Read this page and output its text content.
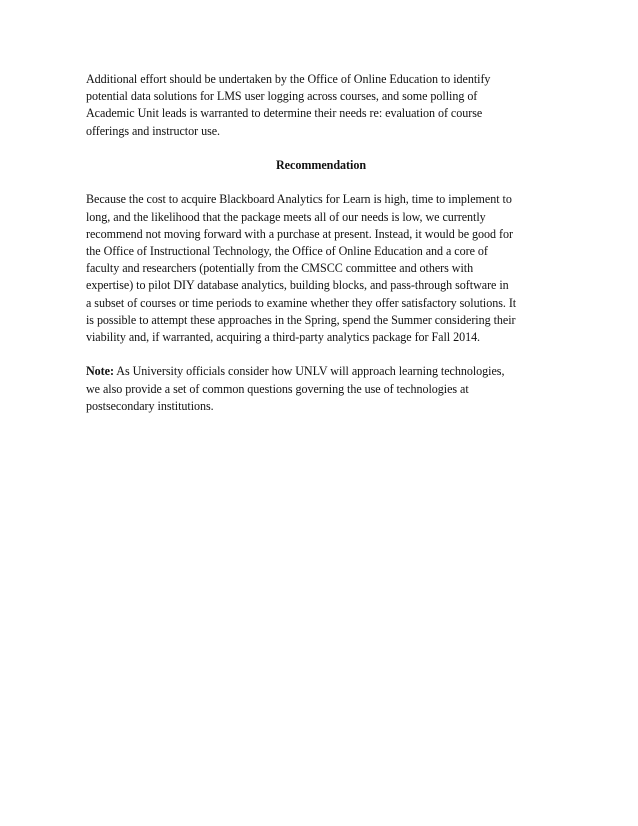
Additional effort should be undertaken by the Office of Online Education to identify
potential data solutions for LMS user logging across courses, and some polling of
Academic Unit leads is warranted to determine their needs re: evaluation of course
offerings and instructor use.

Recommendation

Because the cost to acquire Blackboard Analytics for Learn is high, time to implement to
long, and the likelihood that the package meets all of our needs is low, we currently
recommend not moving forward with a purchase at present. Instead, it would be good for
the Office of Instructional Technology, the Office of Online Education and a core of
faculty and researchers (potentially from the CMSCC committee and others with
expertise) to pilot DIY database analytics, building blocks, and pass-through software in
a subset of courses or time periods to examine whether they offer satisfactory solutions. It
is possible to attempt these approaches in the Spring, spend the Summer considering their
viability and, if warranted, acquiring a third-party analytics package for Fall 2014.

Note: As University officials consider how UNLV will approach learning technologies,
we also provide a set of common questions governing the use of technologies at
postsecondary institutions.
